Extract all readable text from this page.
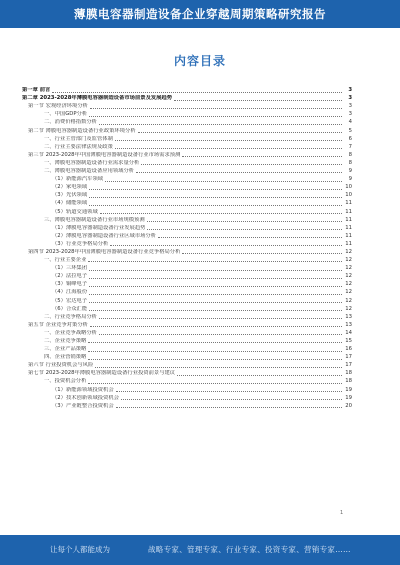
薄膜电容器制造设备企业穿越周期策略研究报告
内容目录
第一章 前言	3
第二章 2023-2028年薄膜电容器制造设备市场前景及发展趋势	3
第一节 宏观经济环境分析	3
一、中国GDP分析	3
二、消费价格指数分析	4
第二节 薄膜电容器制造设备行业政策环境分析	5
一、行业主管部门及监管体制	6
二、行业主要法律法规及政策	7
第三节 2023-2028年中国薄膜电容器制造设备行业市场需求预测	8
一、薄膜电容器制造设备行业需求量分析	8
二、薄膜电容器制造设备应用领域分析	9
（1）新能源汽车领域	9
（2）家电领域	10
（3）光伏领域	10
（4）储能领域	11
（5）轨道交通领域	11
三、薄膜电容器制造设备行业市场规模预测	11
（1）薄膜电容器制造设备行业发展趋势	11
（2）薄膜电容器制造设备行业区域市场分析	11
（3）行业竞争格局分析	11
第四节 2023-2028年中国薄膜电容器制造设备行业竞争格局分析	12
一、行业主要企业	12
（1）三环集团	12
（2）法拉电子	12
（3）铜峰电子	12
（4）江海股份	12
（5）宏达电子	12
（6）合众汇能	12
二、行业竞争格局分析	13
第五节 企业竞争对策分析	13
一、企业竞争战略分析	14
二、企业竞争策略	15
三、企业产品策略	16
四、企业营销策略	17
第六节 行业投资机会与风险	17
第七节 2023-2028年薄膜电容器制造设备行业投资前景与建议	18
一、投资机会分析	18
（1）新能源领域投资机会	19
（2）技术创新领域投资机会	19
（3）产业链整合投资机会	20
1
让每个人都能成为	战略专家、管理专家、行业专家、投资专家、营销专家……
